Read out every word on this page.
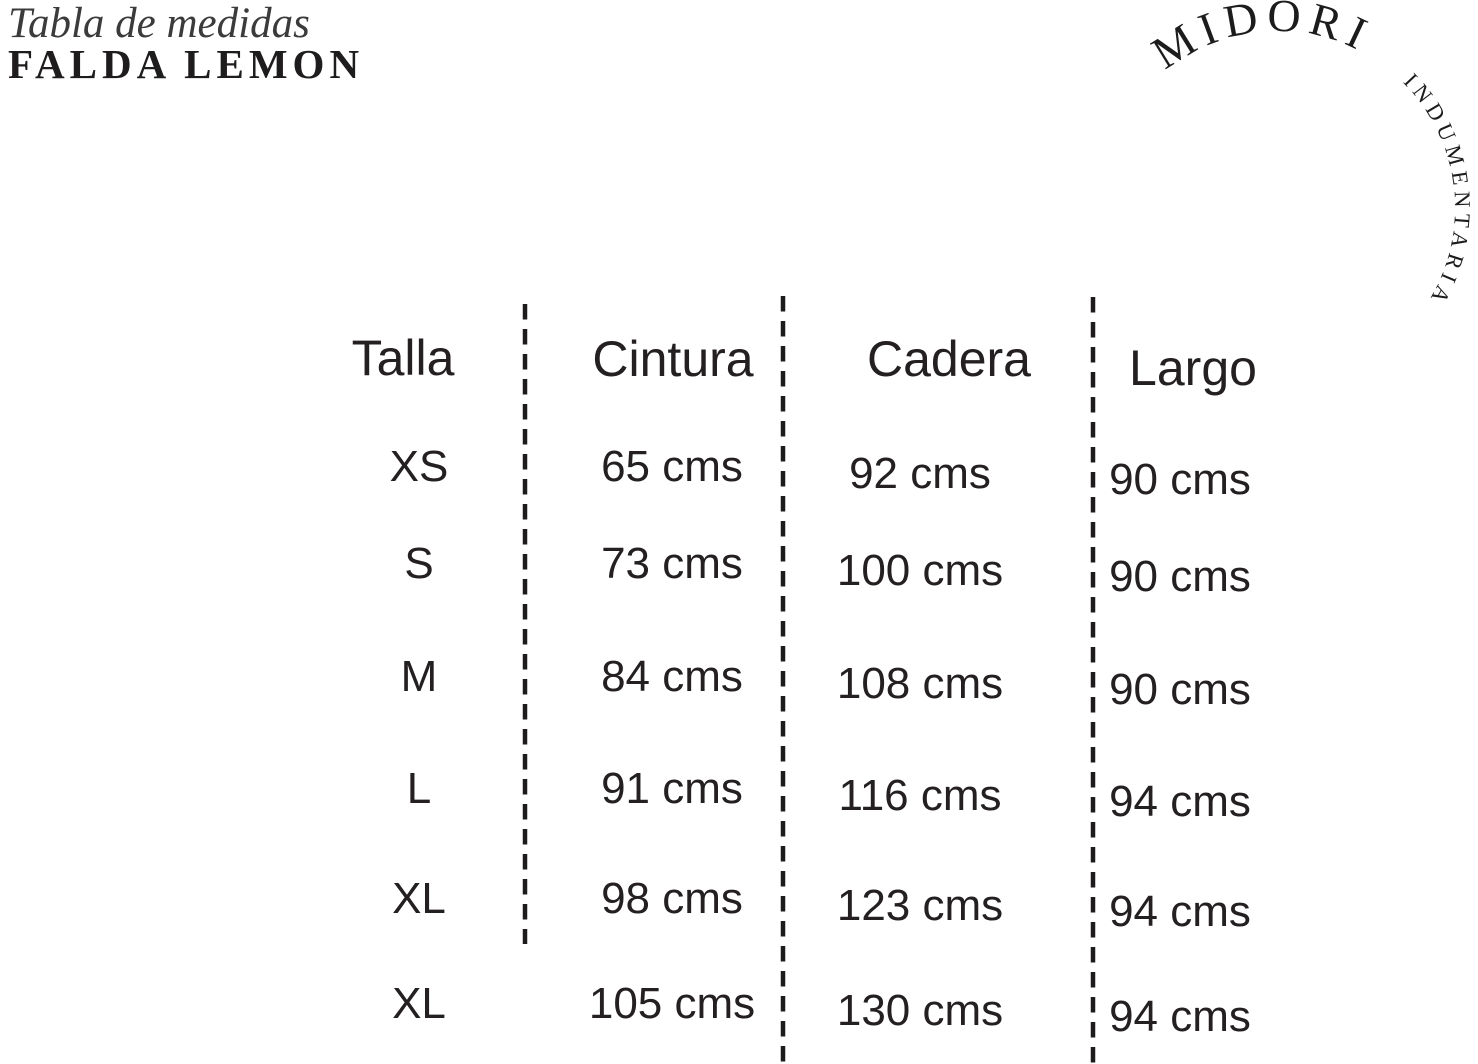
Tabla de medidas
FALDA LEMON	MIDORI
INDUMENTARIA
Talla	Cintura Cadera Largo
XS	65 cms 92 cms	90 cms
S	73 cms 100 cms 90 cms
M	84 cms 108 cms 90 cms
L	91 cms 116 cms 94 cms
XL	98 cms 123 cms 94 cms
XL	105 cms 130 cms 94 cms
